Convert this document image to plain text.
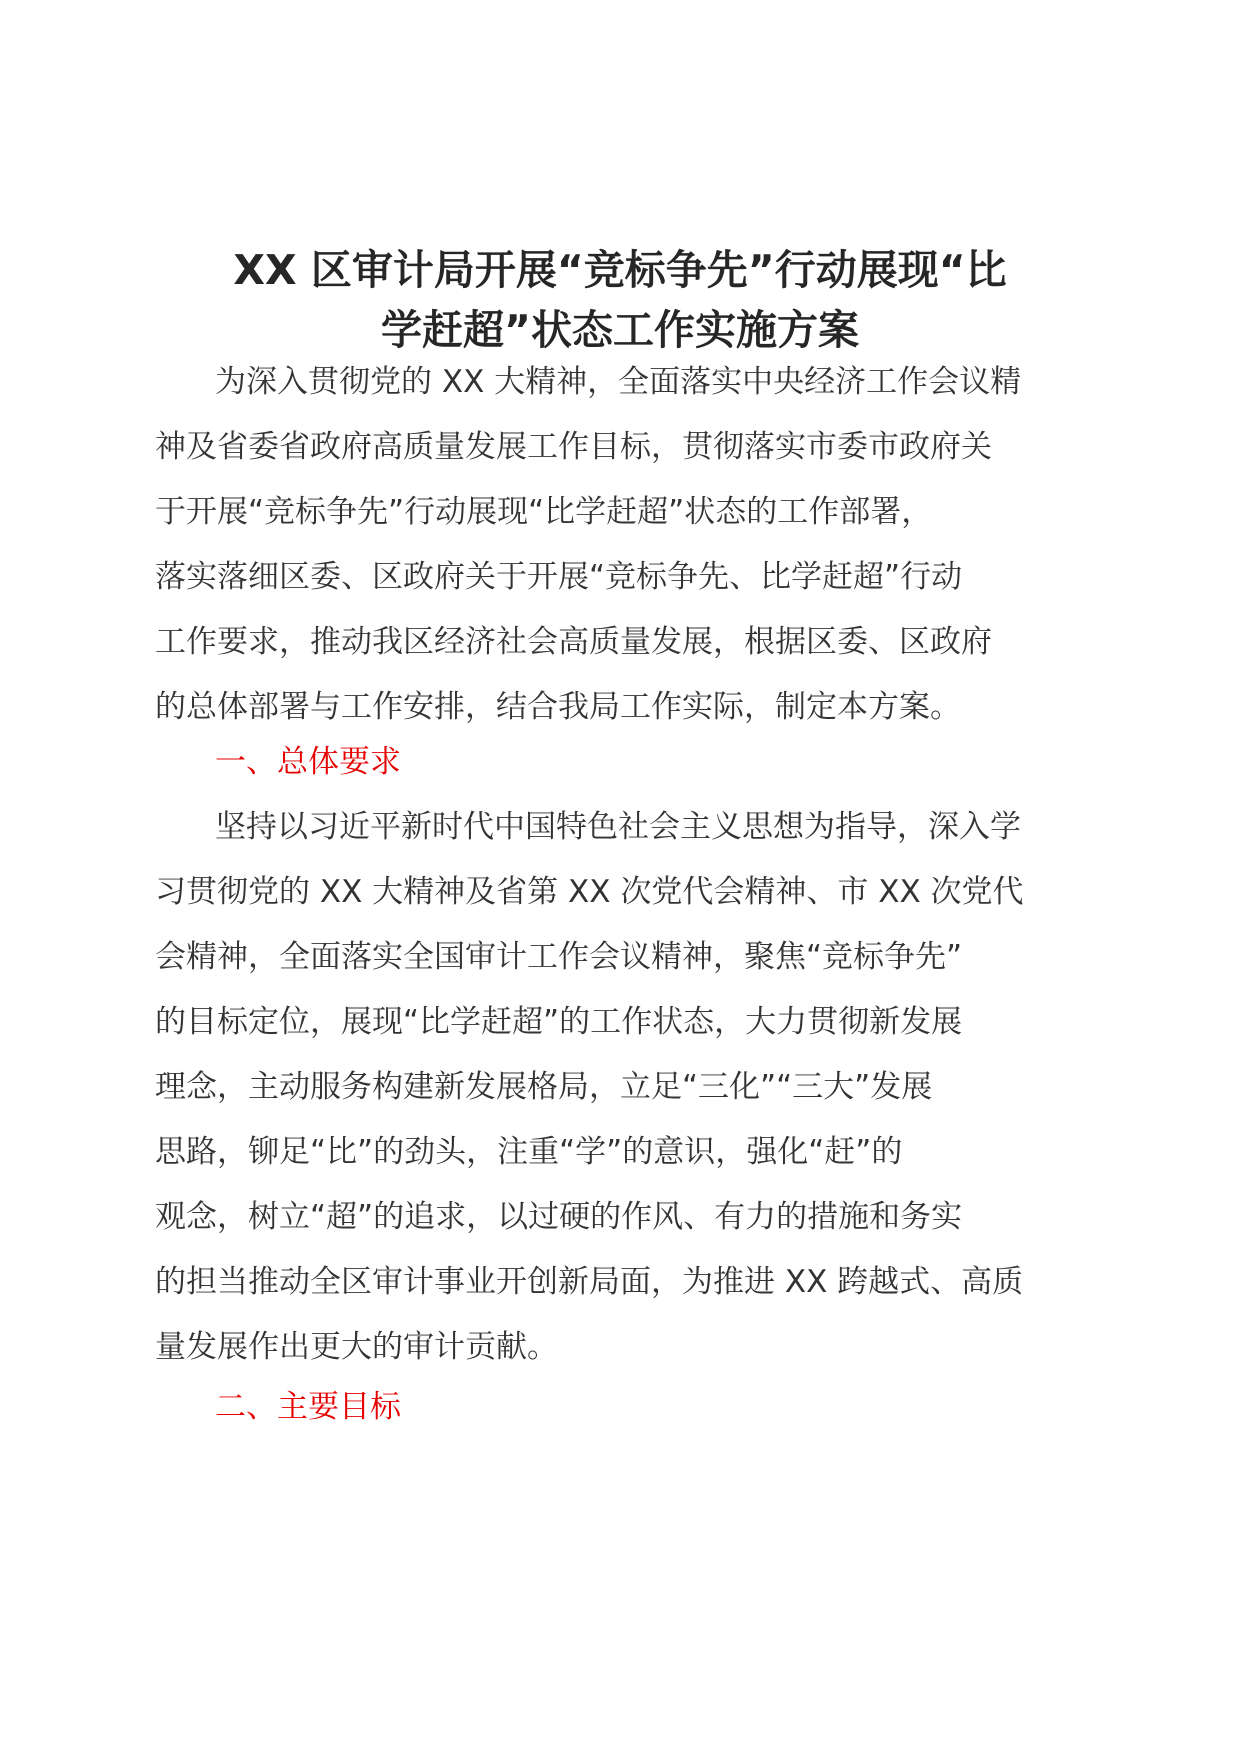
XX 区审计局开展“竞标争先”行动展现“比
学赶超”状态工作实施方案
为深入贯彻党的 XX 大精神，全面落实中央经济工作会议精
神及省委省政府高质量发展工作目标，贯彻落实市委市政府关
于开展“竞标争先”行动展现“比学赶超”状态的工作部署，
落实落细区委、区政府关于开展“竞标争先、比学赶超”行动
工作要求，推动我区经济社会高质量发展，根据区委、区政府
的总体部署与工作安排，结合我局工作实际，制定本方案。
一、总体要求
坚持以习近平新时代中国特色社会主义思想为指导，深入学
习贯彻党的 XX 大精神及省第 XX 次党代会精神、市 XX 次党代
会精神，全面落实全国审计工作会议精神，聚焦“竞标争先”
的目标定位，展现“比学赶超”的工作状态，大力贯彻新发展
理念，主动服务构建新发展格局，立足“三化”“三大”发展
思路，铆足“比”的劲头，注重“学”的意识，强化“赶”的
观念，树立“超”的追求，以过硬的作风、有力的措施和务实
的担当推动全区审计事业开创新局面，为推进 XX 跨越式、高质
量发展作出更大的审计贡献。
二、主要目标
